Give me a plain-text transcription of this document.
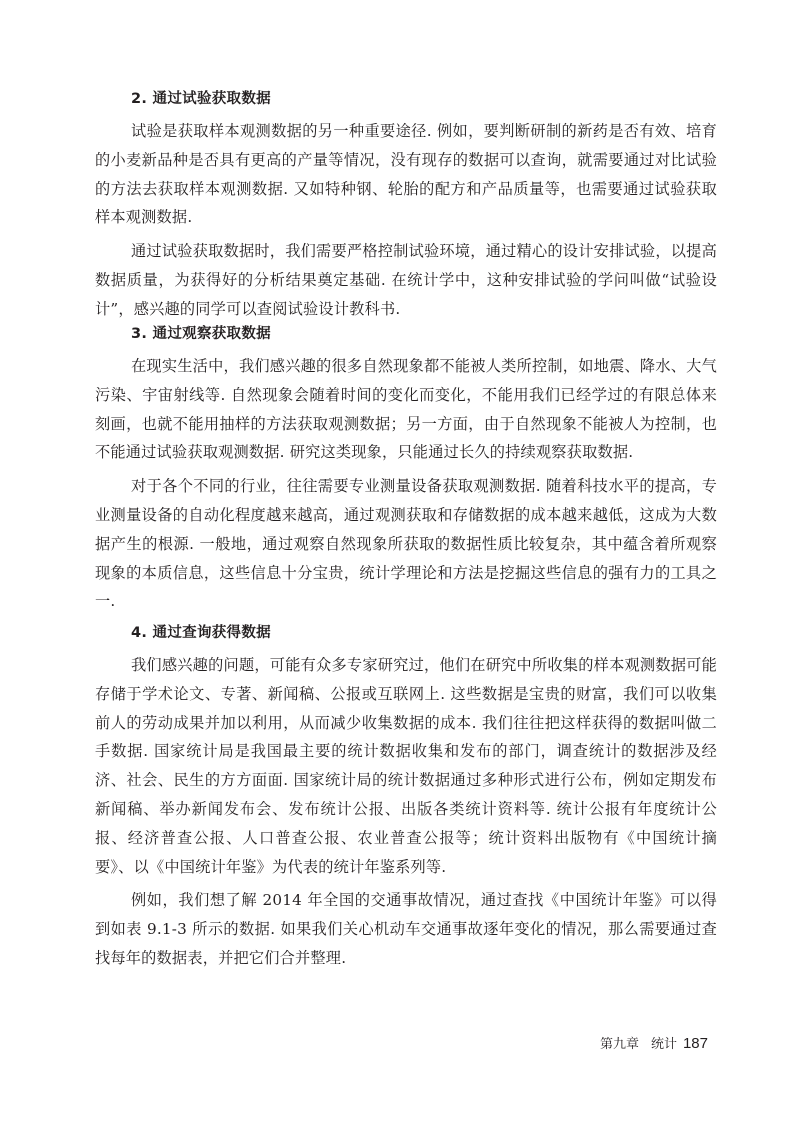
2. 通过试验获取数据

试验是获取样本观测数据的另一种重要途径. 例如，要判断研制的新药是否有效、培育的小麦新品种是否具有更高的产量等情况，没有现存的数据可以查询，就需要通过对比试验的方法去获取样本观测数据. 又如特种钢、轮胎的配方和产品质量等，也需要通过试验获取样本观测数据.

通过试验获取数据时，我们需要严格控制试验环境，通过精心的设计安排试验，以提高数据质量，为获得好的分析结果奠定基础. 在统计学中，这种安排试验的学问叫做“试验设计”，感兴趣的同学可以查阅试验设计教科书.

3. 通过观察获取数据

在现实生活中，我们感兴趣的很多自然现象都不能被人类所控制，如地震、降水、大气污染、宇宙射线等. 自然现象会随着时间的变化而变化，不能用我们已经学过的有限总体来刻画，也就不能用抽样的方法获取观测数据；另一方面，由于自然现象不能被人为控制，也不能通过试验获取观测数据. 研究这类现象，只能通过长久的持续观察获取数据.

对于各个不同的行业，往往需要专业测量设备获取观测数据. 随着科技水平的提高，专业测量设备的自动化程度越来越高，通过观测获取和存储数据的成本越来越低，这成为大数据产生的根源. 一般地，通过观察自然现象所获取的数据性质比较复杂，其中蕴含着所观察现象的本质信息，这些信息十分宝贵，统计学理论和方法是挖掘这些信息的强有力的工具之一.

4. 通过查询获得数据

我们感兴趣的问题，可能有众多专家研究过，他们在研究中所收集的样本观测数据可能存储于学术论文、专著、新闻稿、公报或互联网上. 这些数据是宝贵的财富，我们可以收集前人的劳动成果并加以利用，从而减少收集数据的成本. 我们往往把这样获得的数据叫做二手数据. 国家统计局是我国最主要的统计数据收集和发布的部门，调查统计的数据涉及经济、社会、民生的方方面面. 国家统计局的统计数据通过多种形式进行公布，例如定期发布新闻稿、举办新闻发布会、发布统计公报、出版各类统计资料等. 统计公报有年度统计公报、经济普查公报、人口普查公报、农业普查公报等；统计资料出版物有《中国统计摘要》、以《中国统计年鉴》为代表的统计年鉴系列等.

例如，我们想了解 2014 年全国的交通事故情况，通过查找《中国统计年鉴》可以得到如表 9.1-3 所示的数据. 如果我们关心机动车交通事故逐年变化的情况，那么需要通过查找每年的数据表，并把它们合并整理.

第九章 统计 187
